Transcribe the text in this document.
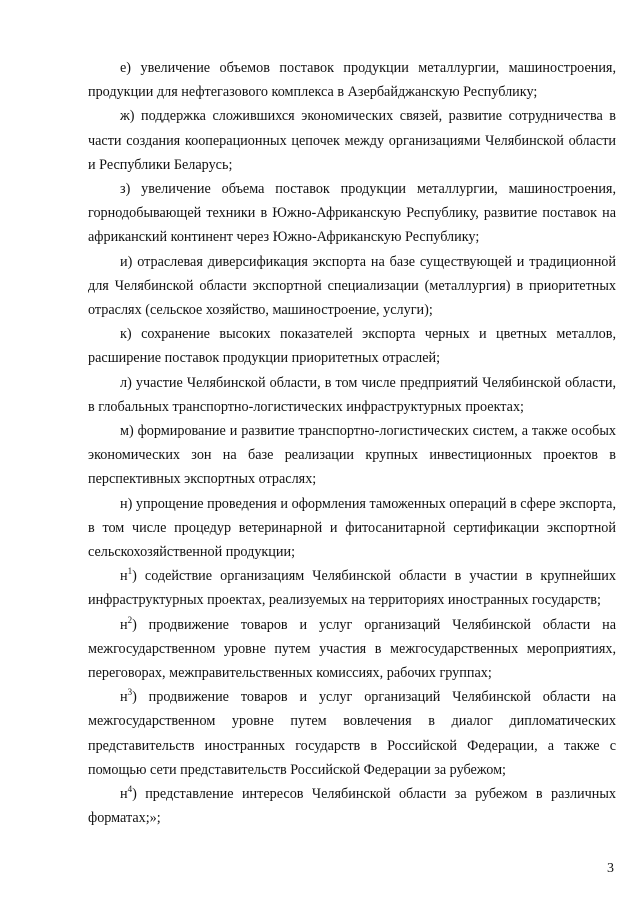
е) увеличение объемов поставок продукции металлургии, машиностроения, продукции для нефтегазового комплекса в Азербайджанскую Республику;

ж) поддержка сложившихся экономических связей, развитие сотрудничества в части создания кооперационных цепочек между организациями Челябинской области и Республики Беларусь;

з) увеличение объема поставок продукции металлургии, машиностроения, горнодобывающей техники в Южно-Африканскую Республику, развитие поставок на африканский континент через Южно-Африканскую Республику;

и) отраслевая диверсификация экспорта на базе существующей и традиционной для Челябинской области экспортной специализации (металлургия) в приоритетных отраслях (сельское хозяйство, машиностроение, услуги);

к) сохранение высоких показателей экспорта черных и цветных металлов, расширение поставок продукции приоритетных отраслей;

л) участие Челябинской области, в том числе предприятий Челябинской области, в глобальных транспортно-логистических инфраструктурных проектах;

м) формирование и развитие транспортно-логистических систем, а также особых экономических зон на базе реализации крупных инвестиционных проектов в перспективных экспортных отраслях;

н) упрощение проведения и оформления таможенных операций в сфере экспорта, в том числе процедур ветеринарной и фитосанитарной сертификации экспортной сельскохозяйственной продукции;

$н^1$) содействие организациям Челябинской области в участии в крупнейших инфраструктурных проектах, реализуемых на территориях иностранных государств;

$н^2$) продвижение товаров и услуг организаций Челябинской области на межгосударственном уровне путем участия в межгосударственных мероприятиях, переговорах, межправительственных комиссиях, рабочих группах;

$н^3$) продвижение товаров и услуг организаций Челябинской области на межгосударственном уровне путем вовлечения в диалог дипломатических представительств иностранных государств в Российской Федерации, а также с помощью сети представительств Российской Федерации за рубежом;

$н^4$) представление интересов Челябинской области за рубежом в различных форматах;»;

3
